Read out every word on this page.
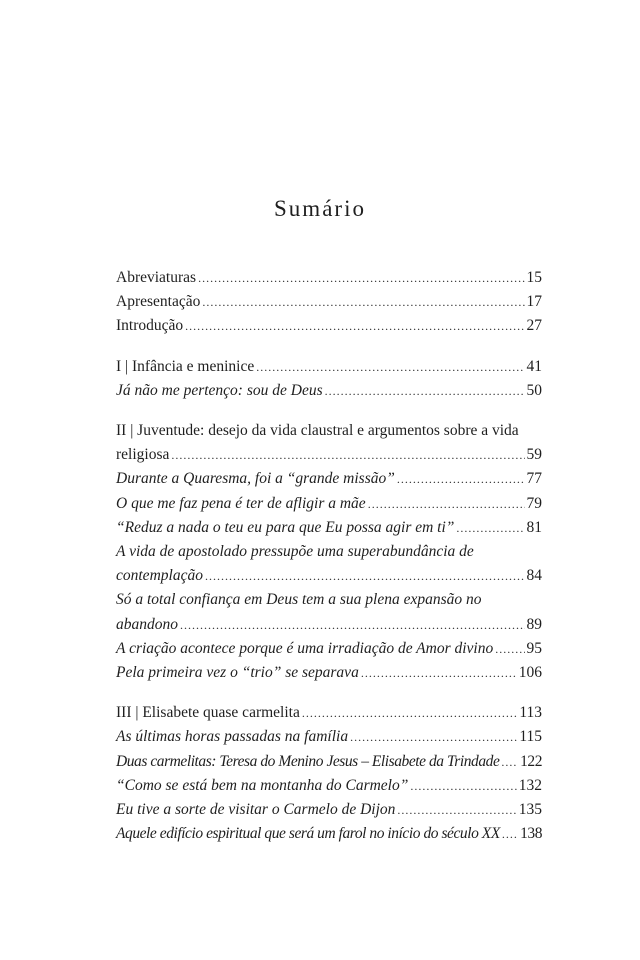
Sumário
Abreviaturas .....	15
Apresentação .....	17
Introdução .....	27
I | Infância e meninice .....	41
Já não me pertenço: sou de Deus .....	50
II | Juventude: desejo da vida claustral e argumentos sobre a vida
religiosa .....	59
Durante a Quaresma, foi a “grande missão” .....	77
O que me faz pena é ter de afligir a mãe .....	79
“Reduz a nada o teu eu para que Eu possa agir em ti” .....	81
A vida de apostolado pressupõe uma superabundância de
contemplação .....	84
Só a total confiança em Deus tem a sua plena expansão no
abandono .....	89
A criação acontece porque é uma irradiação de Amor divino ..... 95
Pela primeira vez o “trio” se separava .....	106
III | Elisabete quase carmelita .....	113
As últimas horas passadas na família .....	115
Duas carmelitas: Teresa do Menino Jesus – Elisabete da Trindade ..... 122
“Como se está bem na montanha do Carmelo” .....	132
Eu tive a sorte de visitar o Carmelo de Dijon .....	135
Aquele edifício espiritual que será um farol no início do século XX ..... 138
